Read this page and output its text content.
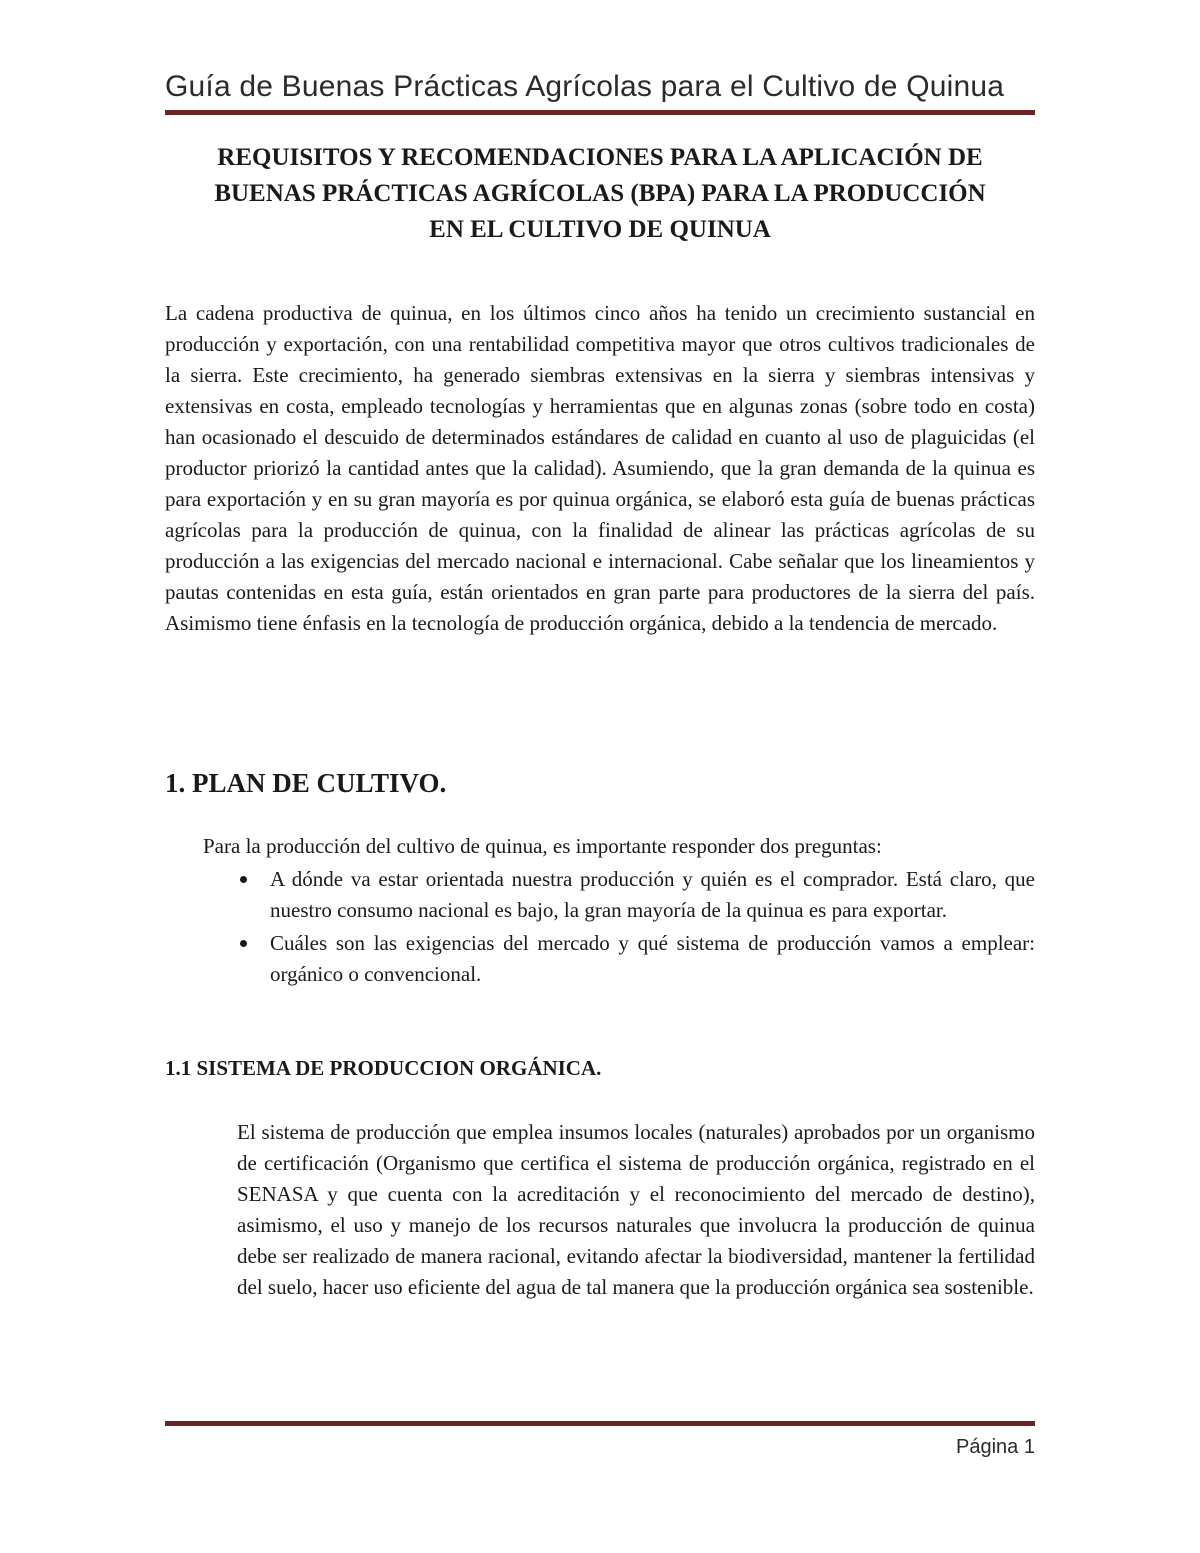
Guía de Buenas Prácticas Agrícolas para el Cultivo de Quinua
REQUISITOS Y RECOMENDACIONES PARA LA APLICACIÓN DE
BUENAS PRÁCTICAS AGRÍCOLAS (BPA) PARA LA PRODUCCIÓN
EN EL CULTIVO DE QUINUA
La cadena productiva de quinua, en los últimos cinco años ha tenido un crecimiento sustancial en producción y exportación, con una rentabilidad competitiva mayor que otros cultivos tradicionales de la sierra. Este crecimiento, ha generado siembras extensivas en la sierra y siembras intensivas y extensivas en costa, empleado tecnologías y herramientas que en algunas zonas (sobre todo en costa) han ocasionado el descuido de determinados estándares de calidad en cuanto al uso de plaguicidas (el productor priorizó la cantidad antes que la calidad). Asumiendo, que la gran demanda de la quinua es para exportación y en su gran mayoría es por quinua orgánica, se elaboró esta guía de buenas prácticas agrícolas para la producción de quinua, con la finalidad de alinear las prácticas agrícolas de su producción a las exigencias del mercado nacional e internacional. Cabe señalar que los lineamientos y pautas contenidas en esta guía, están orientados en gran parte para productores de la sierra del país. Asimismo tiene énfasis en la tecnología de producción orgánica, debido a la tendencia de mercado.
1. PLAN DE CULTIVO.
Para la producción del cultivo de quinua, es importante responder dos preguntas:
A dónde va estar orientada nuestra producción y quién es el comprador. Está claro, que nuestro consumo nacional es bajo, la gran mayoría de la quinua es para exportar.
Cuáles son las exigencias del mercado y qué sistema de producción vamos a emplear: orgánico o convencional.
1.1 SISTEMA DE PRODUCCION ORGÁNICA.
El sistema de producción que emplea insumos locales (naturales) aprobados por un organismo de certificación (Organismo que certifica el sistema de producción orgánica, registrado en el SENASA y que cuenta con la acreditación y el reconocimiento del mercado de destino), asimismo, el uso y manejo de los recursos naturales que involucra la producción de quinua debe ser realizado de manera racional, evitando afectar la biodiversidad, mantener la fertilidad del suelo, hacer uso eficiente del agua de tal manera que la producción orgánica sea sostenible.
Página 1
